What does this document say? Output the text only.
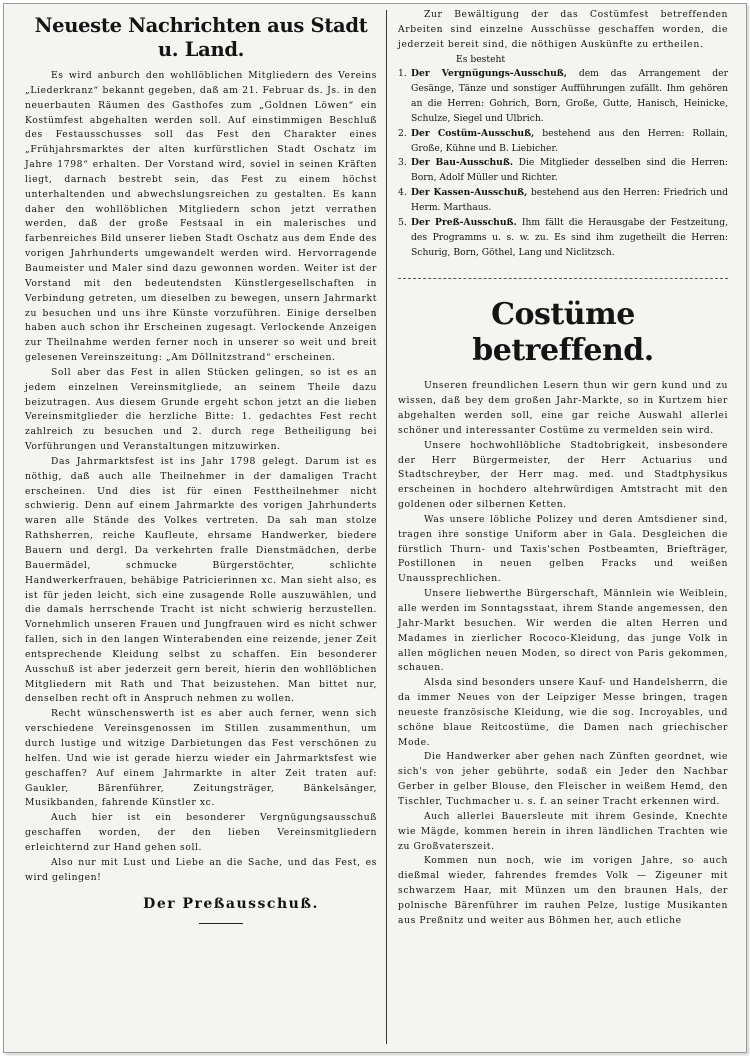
Neueste Nachrichten aus Stadt u. Land.

Es wird anburch den wohllöblichen Mitgliedern des Vereins „Liederkranz“ bekannt gegeben, daß am 21. Februar ds. Js. in den neuerbauten Räumen des Gasthofes zum „Goldnen Löwen“ ein Kostümfest abgehalten werden soll. Auf einstimmigen Beschluß des Festausschusses soll das Fest den Charakter eines „Frühjahrsmarktes der alten kurfürstlichen Stadt Oschatz im Jahre 1798“ erhalten. Der Vorstand wird, soviel in seinen Kräften liegt, darnach bestrebt sein, das Fest zu einem höchst unterhaltenden und abwechslungsreichen zu gestalten. Es kann daher den wohllöblichen Mitgliedern schon jetzt verrathen werden, daß der große Festsaal in ein malerisches und farbenreiches Bild unserer lieben Stadt Oschatz aus dem Ende des vorigen Jahrhunderts umgewandelt werden wird. Hervorragende Baumeister und Maler sind dazu gewonnen worden. Weiter ist der Vorstand mit den bedeutendsten Künstlergesellschaften in Verbindung getreten, um dieselben zu bewegen, unsern Jahrmarkt zu besuchen und uns ihre Künste vorzuführen. Einige derselben haben auch schon ihr Erscheinen zugesagt. Verlockende Anzeigen zur Theilnahme werden ferner noch in unserer so weit und breit gelesenen Vereinszeitung: „Am Döllnitzstrand“ erscheinen.

Soll aber das Fest in allen Stücken gelingen, so ist es an jedem einzelnen Vereinsmitgliede, an seinem Theile dazu beizutragen. Aus diesem Grunde ergeht schon jetzt an die lieben Vereinsmitglieder die herzliche Bitte: 1. gedachtes Fest recht zahlreich zu besuchen und 2. durch rege Betheiligung bei Vorführungen und Veranstaltungen mitzuwirken.

Das Jahrmarktsfest ist ins Jahr 1798 gelegt. Darum ist es nöthig, daß auch alle Theilnehmer in der damaligen Tracht erscheinen. Und dies ist für einen Festtheilnehmer nicht schwierig. Denn auf einem Jahrmarkte des vorigen Jahrhunderts waren alle Stände des Volkes vertreten. Da sah man stolze Rathsherren, reiche Kaufleute, ehrsame Handwerker, biedere Bauern und dergl. Da verkehrten fralle Dienstmädchen, derbe Bauermädel, schmucke Bürgerstöchter, schlichte Handwerkerfrauen, behäbige Patricierinnen xc. Man sieht also, es ist für jeden leicht, sich eine zusagende Rolle auszuwählen, und die damals herrschende Tracht ist nicht schwierig herzustellen. Vornehmlich unseren Frauen und Jungfrauen wird es nicht schwer fallen, sich in den langen Winterabenden eine reizende, jener Zeit entsprechende Kleidung selbst zu schaffen. Ein besonderer Ausschuß ist aber jederzeit gern bereit, hierin den wohllöblichen Mitgliedern mit Rath und That beizustehen. Man bittet nur, denselben recht oft in Anspruch nehmen zu wollen.

Recht wünschenswerth ist es aber auch ferner, wenn sich verschiedene Vereinsgenossen im Stillen zusammenthun, um durch lustige und witzige Darbietungen das Fest verschönen zu helfen. Und wie ist gerade hierzu wieder ein Jahrmarktsfest wie geschaffen? Auf einem Jahrmarkte in alter Zeit traten auf: Gaukler, Bärenführer, Zeitungsträger, Bänkelsänger, Musikbanden, fahrende Künstler xc.

Auch hier ist ein besonderer Vergnügungsausschuß geschaffen worden, der den lieben Vereinsmitgliedern erleichternd zur Hand gehen soll.

Also nur mit Lust und Liebe an die Sache, und das Fest, es wird gelingen!

Der Preßausschuß.

Zur Bewältigung der das Costümfest betreffenden Arbeiten sind einzelne Ausschüsse geschaffen worden, die jederzeit bereit sind, die nöthigen Auskünfte zu ertheilen.

Es besteht

1. Der Vergnügungs-Ausschuß, dem das Arrangement der Gesänge, Tänze und sonstiger Aufführungen zufällt. Ihm gehören an die Herren: Gohrich, Born, Große, Gutte, Hanisch, Heinicke, Schulze, Siegel und Ulbrich.
2. Der Costüm-Ausschuß, bestehend aus den Herren: Rollain, Große, Kühne und B. Liebicher.
3. Der Bau-Ausschuß. Die Mitglieder desselben sind die Herren: Born, Adolf Müller und Richter.
4. Der Kassen-Ausschuß, bestehend aus den Herren: Friedrich und Herm. Marthaus.
5. Der Preß-Ausschuß. Ihm fällt die Herausgabe der Festzeitung, des Programms u. s. w. zu. Es sind ihm zugetheilt die Herren: Schurig, Born, Göthel, Lang und Niclitzsch.
Costüme betreffend.

Unseren freundlichen Lesern thun wir gern kund und zu wissen, daß bey dem großen Jahr-Markte, so in Kurtzem hier abgehalten werden soll, eine gar reiche Auswahl allerlei schöner und interessanter Costüme zu vermelden sein wird.

Unsere hochwohllöbliche Stadtobrigkeit, insbesondere der Herr Bürgermeister, der Herr Actuarius und Stadtschreyber, der Herr mag. med. und Stadtphysikus erscheinen in hochdero altehrwürdigen Amtstracht mit den goldenen oder silbernen Ketten.

Was unsere löbliche Polizey und deren Amtsdiener sind, tragen ihre sonstige Uniform aber in Gala. Desgleichen die fürstlich Thurn- und Taxis'schen Postbeamten, Briefträger, Postillonen in neuen gelben Fracks und weißen Unaussprechlichen.

Unsere liebwerthe Bürgerschaft, Männlein wie Weiblein, alle werden im Sonntagsstaat, ihrem Stande angemessen, den Jahr-Markt besuchen. Wir werden die alten Herren und Madames in zierlicher Rococo-Kleidung, das junge Volk in allen möglichen neuen Moden, so direct von Paris gekommen, schauen.

Alsda sind besonders unsere Kauf- und Handelsherrn, die da immer Neues von der Leipziger Messe bringen, tragen neueste französische Kleidung, wie die sog. Incroyables, und schöne blaue Reitcostüme, die Damen nach griechischer Mode.

Die Handwerker aber gehen nach Zünften geordnet, wie sich's von jeher gebührte, sodaß ein Jeder den Nachbar Gerber in gelber Blouse, den Fleischer in weißem Hemd, den Tischler, Tuchmacher u. s. f. an seiner Tracht erkennen wird.

Auch allerlei Bauersleute mit ihrem Gesinde, Knechte wie Mägde, kommen herein in ihren ländlichen Trachten wie zu Großvaterszeit.

Kommen nun noch, wie im vorigen Jahre, so auch dießmal wieder, fahrendes fremdes Volk — Zigeuner mit schwarzem Haar, mit Münzen um den braunen Hals, der polnische Bärenführer im rauhen Pelze, lustige Musikanten aus Preßnitz und weiter aus Böhmen her, auch etliche
